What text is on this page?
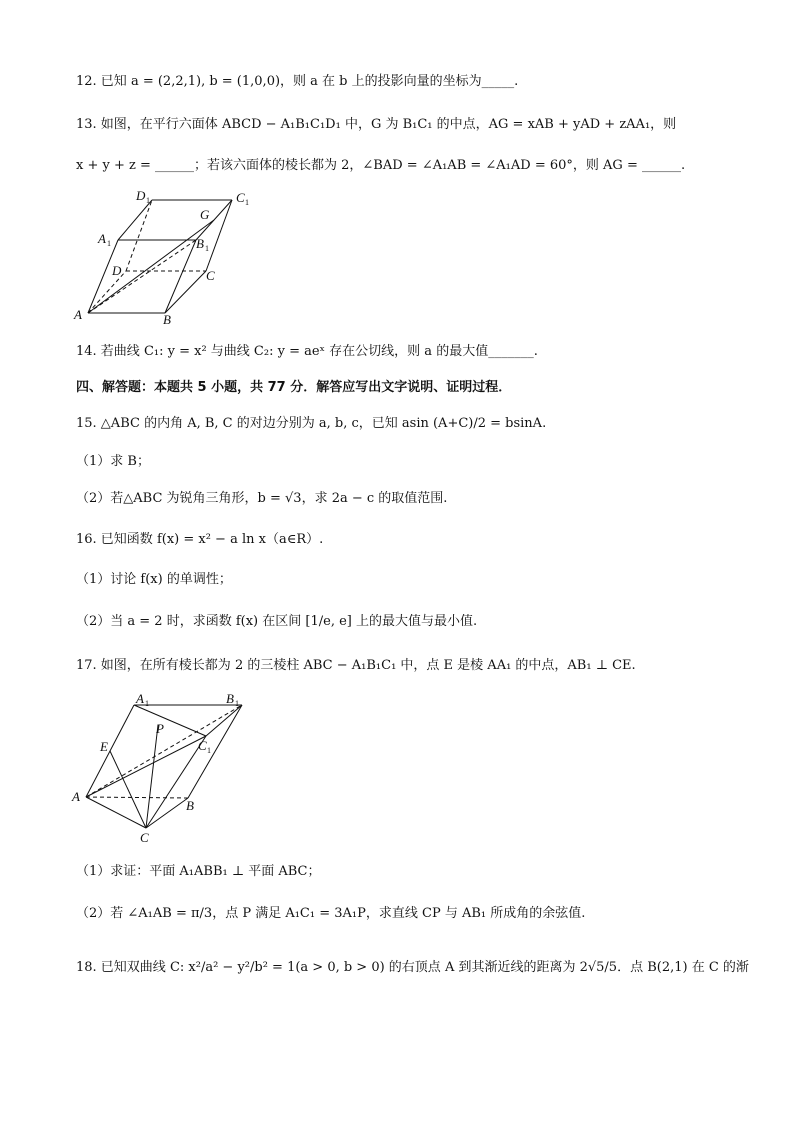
12. 已知 a = (2,2,1), b = (1,0,0)，则 a 在 b 上的投影向量的坐标为_____.
13. 如图，在平行六面体 ABCD − A₁B₁C₁D₁ 中，G 为 B₁C₁ 的中点，AG = xAB + yAD + zAA₁，则
x + y + z = ______；若该六面体的棱长都为 2，∠BAD = ∠A₁AB = ∠A₁AD = 60°，则 AG = ______.
D 1	C 1
G
A 1	B 1
D	C
A	B
14. 若曲线 C₁: y = x² 与曲线 C₂: y = aeˣ 存在公切线，则 a 的最大值_______.
四、解答题：本题共 5 小题，共 77 分．解答应写出文字说明、证明过程．
15. △ABC 的内角 A, B, C 的对边分别为 a, b, c，已知 asin (A+C)/2 = bsinA.
（1）求 B；
（2）若△ABC 为锐角三角形，b = √3，求 2a − c 的取值范围.
16. 已知函数 f(x) = x² − a ln x（a∈R）.
（1）讨论 f(x) 的单调性；
（2）当 a = 2 时，求函数 f(x) 在区间 [1/e, e] 上的最大值与最小值.
17. 如图，在所有棱长都为 2 的三棱柱 ABC − A₁B₁C₁ 中，点 E 是棱 AA₁ 的中点，AB₁ ⊥ CE.
A 1	B 1
P
E	C 1
A
B
C
（1）求证：平面 A₁ABB₁ ⊥ 平面 ABC；
（2）若 ∠A₁AB = π/3，点 P 满足 A₁C₁ = 3A₁P，求直线 CP 与 AB₁ 所成角的余弦值.
18. 已知双曲线 C: x²/a² − y²/b² = 1(a > 0, b > 0) 的右顶点 A 到其渐近线的距离为 2√5/5．点 B(2,1) 在 C 的渐
